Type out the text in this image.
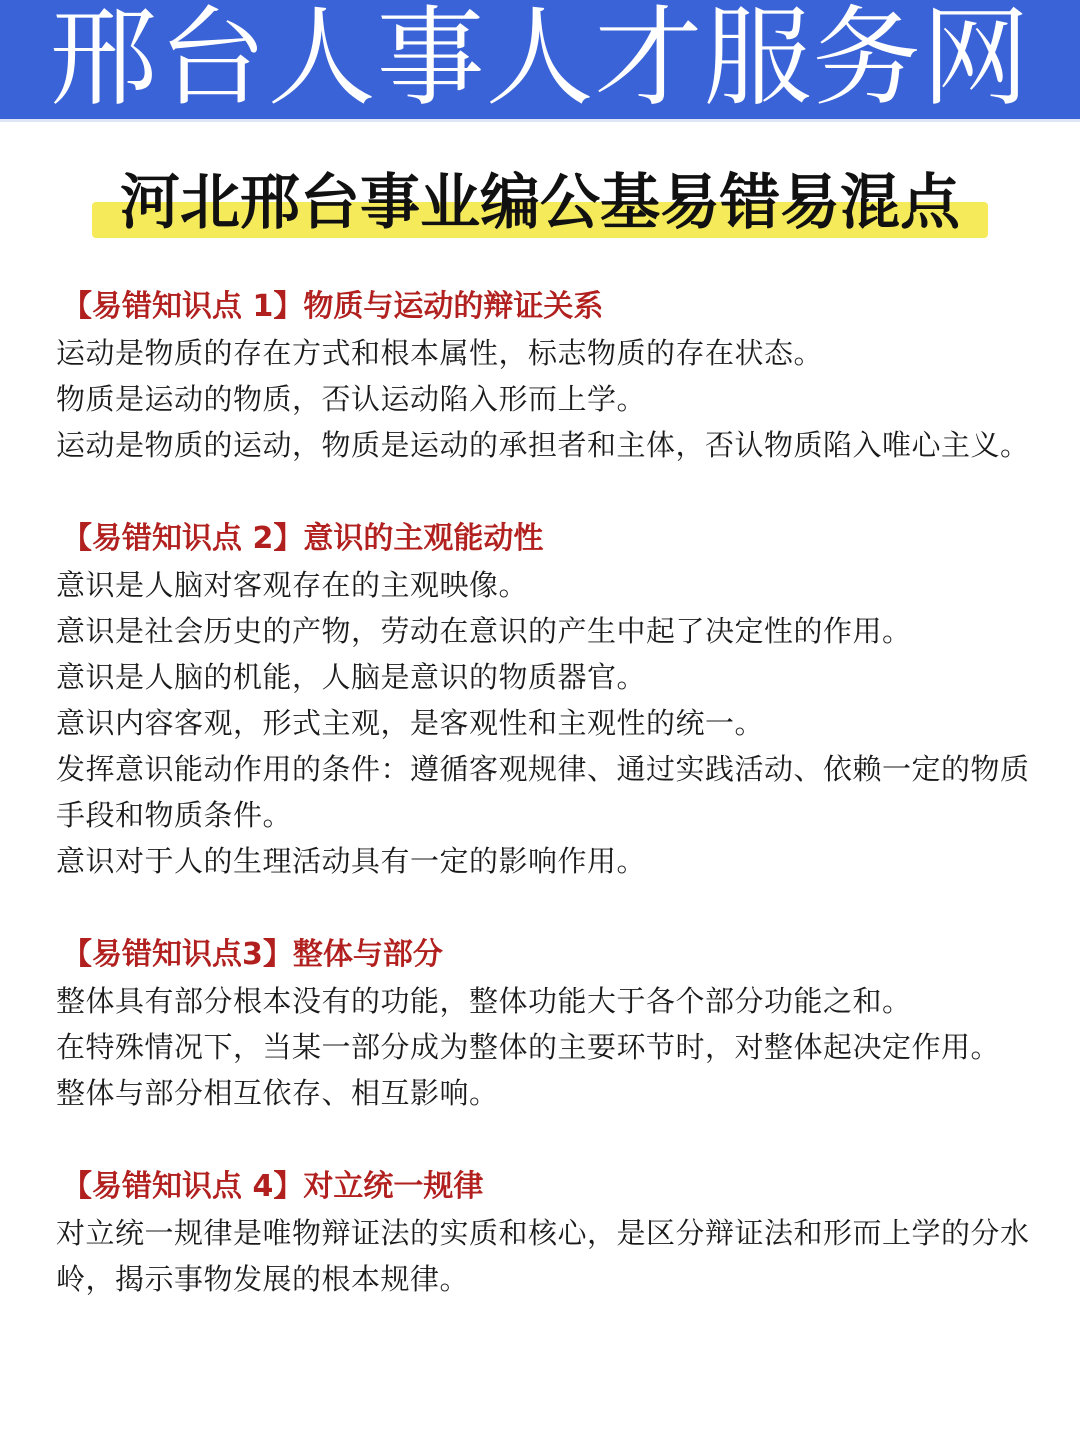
邢台人事人才服务网
河北邢台事业编公基易错易混点
【易错知识点 1】物质与运动的辩证关系
运动是物质的存在方式和根本属性，标志物质的存在状态。
物质是运动的物质，否认运动陷入形而上学。
运动是物质的运动，物质是运动的承担者和主体，否认物质陷入唯心主义。
【易错知识点 2】意识的主观能动性
意识是人脑对客观存在的主观映像。
意识是社会历史的产物，劳动在意识的产生中起了决定性的作用。
意识是人脑的机能，人脑是意识的物质器官。
意识内容客观，形式主观，是客观性和主观性的统一。
发挥意识能动作用的条件：遵循客观规律、通过实践活动、依赖一定的物质手段和物质条件。
意识对于人的生理活动具有一定的影响作用。
【易错知识点3】整体与部分
整体具有部分根本没有的功能，整体功能大于各个部分功能之和。
在特殊情况下，当某一部分成为整体的主要环节时，对整体起决定作用。
整体与部分相互依存、相互影响。
【易错知识点 4】对立统一规律
对立统一规律是唯物辩证法的实质和核心，是区分辩证法和形而上学的分水岭，揭示事物发展的根本规律。
